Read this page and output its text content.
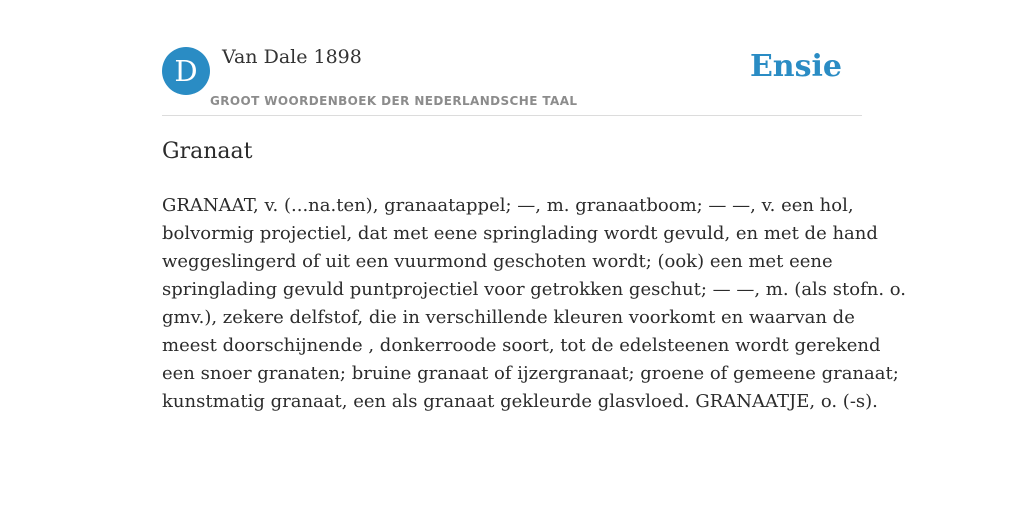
D	Van Dale 1898
GROOT WOORDENBOEK DER NEDERLANDSCHE TAAL
Ensie
Granaat
GRANAAT, v. (...na.ten), granaatappel; —, m. granaatboom; — —, v. een hol,
bolvormig projectiel, dat met eene springlading wordt gevuld, en met de hand
weggeslingerd of uit een vuurmond geschoten wordt; (ook) een met eene
springlading gevuld puntprojectiel voor getrokken geschut; — —, m. (als stofn. o.
gmv.), zekere delfstof, die in verschillende kleuren voorkomt en waarvan de
meest doorschijnende , donkerroode soort, tot de edelsteenen wordt gerekend
een snoer granaten; bruine granaat of ijzergranaat; groene of gemeene granaat;
kunstmatig granaat, een als granaat gekleurde glasvloed. GRANAATJE, o. (-s).
